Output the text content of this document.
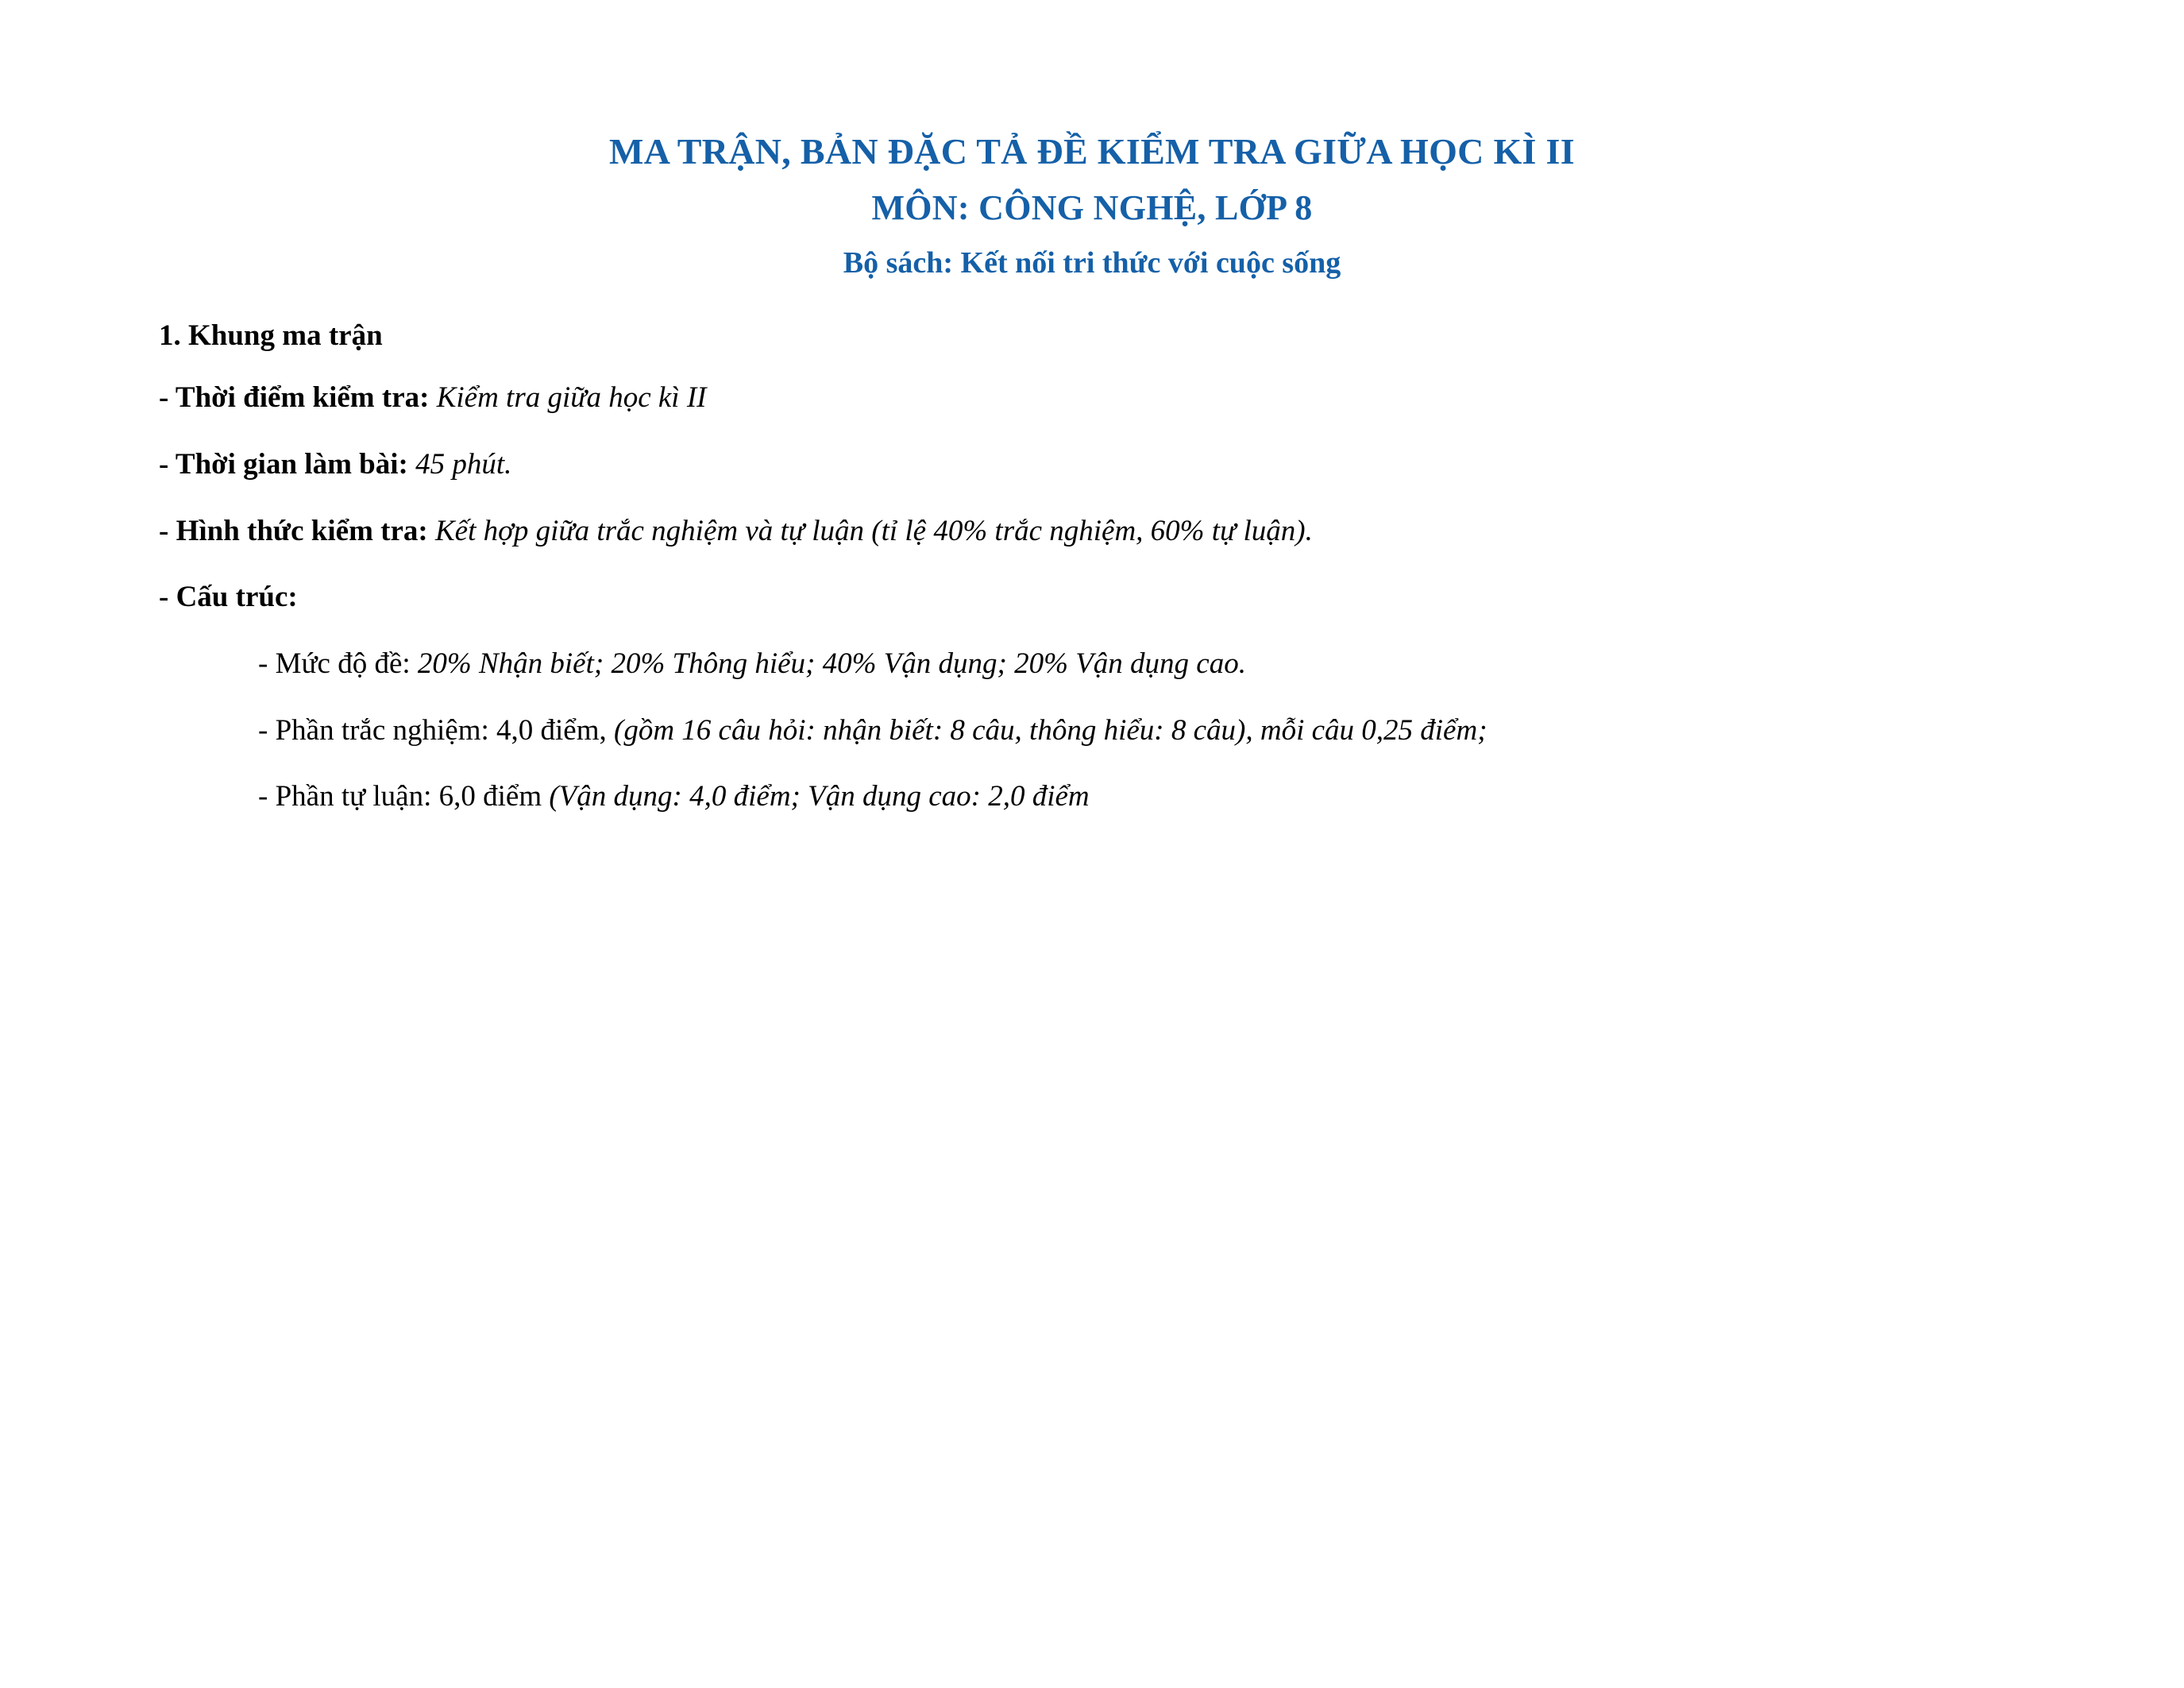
MA TRẬN, BẢN ĐẶC TẢ ĐỀ KIỂM TRA GIỮA HỌC KÌ II
MÔN: CÔNG NGHỆ, LỚP 8
Bộ sách: Kết nối tri thức với cuộc sống
1. Khung ma trận
- Thời điểm kiểm tra: Kiểm tra giữa học kì II
- Thời gian làm bài: 45 phút.
- Hình thức kiểm tra: Kết hợp giữa trắc nghiệm và tự luận (tỉ lệ 40% trắc nghiệm, 60% tự luận).
- Cấu trúc:
- Mức độ đề: 20% Nhận biết; 20% Thông hiểu; 40% Vận dụng; 20% Vận dụng cao.
- Phần trắc nghiệm: 4,0 điểm, (gồm 16 câu hỏi: nhận biết: 8 câu, thông hiểu: 8 câu), mỗi câu 0,25 điểm;
- Phần tự luận: 6,0 điểm (Vận dụng: 4,0 điểm; Vận dụng cao: 2,0 điểm
